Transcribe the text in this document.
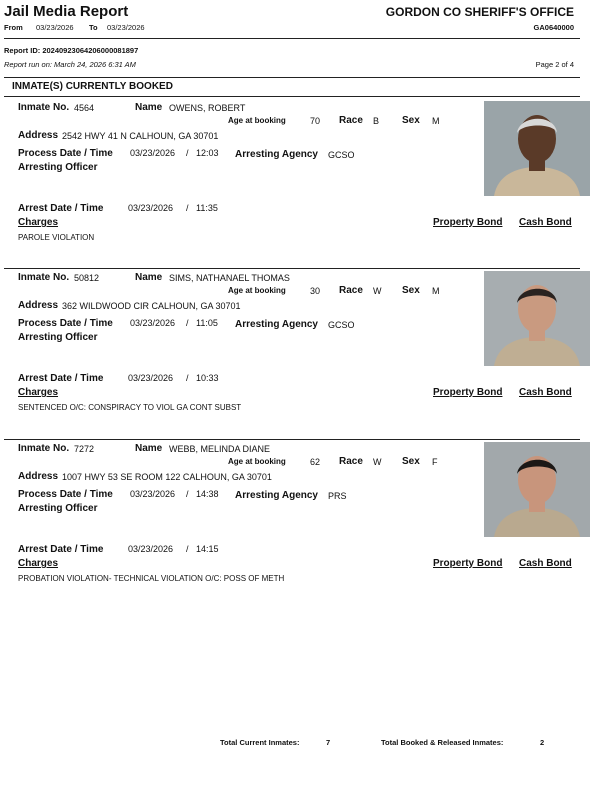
Jail Media Report
From 03/23/2026 To 03/23/2026
GORDON CO SHERIFF'S OFFICE
GA0640000
Report ID: 20240923064206000081897
Report run on: March 24, 2026 6:31 AM	Page 2 of 4
INMATE(S) CURRENTLY BOOKED
Inmate No. 4564	Name OWENS, ROBERT
Age at booking	70 Race B Sex M
Address 2542 HWY 41 N CALHOUN, GA 30701
Process Date / Time 03/23/2026 / 12:03 Arresting Agency GCSO
Arresting Officer
Arrest Date / Time	03/23/2026 / 11:35
Charges	Property Bond Cash Bond
PAROLE VIOLATION
Inmate No. 50812	Name SIMS, NATHANAEL THOMAS
Age at booking	30 Race W Sex M
Address 362 WILDWOOD CIR CALHOUN, GA 30701
Process Date / Time 03/23/2026 / 11:05 Arresting Agency GCSO
Arresting Officer
Arrest Date / Time	03/23/2026 / 10:33
Charges	Property Bond Cash Bond
SENTENCED O/C: CONSPIRACY TO VIOL GA CONT SUBST
Inmate No. 7272	Name WEBB, MELINDA DIANE
Age at booking	62 Race W Sex F
Address 1007 HWY 53 SE ROOM 122 CALHOUN, GA 30701
Process Date / Time 03/23/2026 / 14:38 Arresting Agency PRS
Arresting Officer
Arrest Date / Time	03/23/2026 / 14:15
Charges	Property Bond Cash Bond
PROBATION VIOLATION- TECHNICAL VIOLATION O/C: POSS OF METH
Total Current Inmates:	7	Total Booked & Released Inmates:	2
